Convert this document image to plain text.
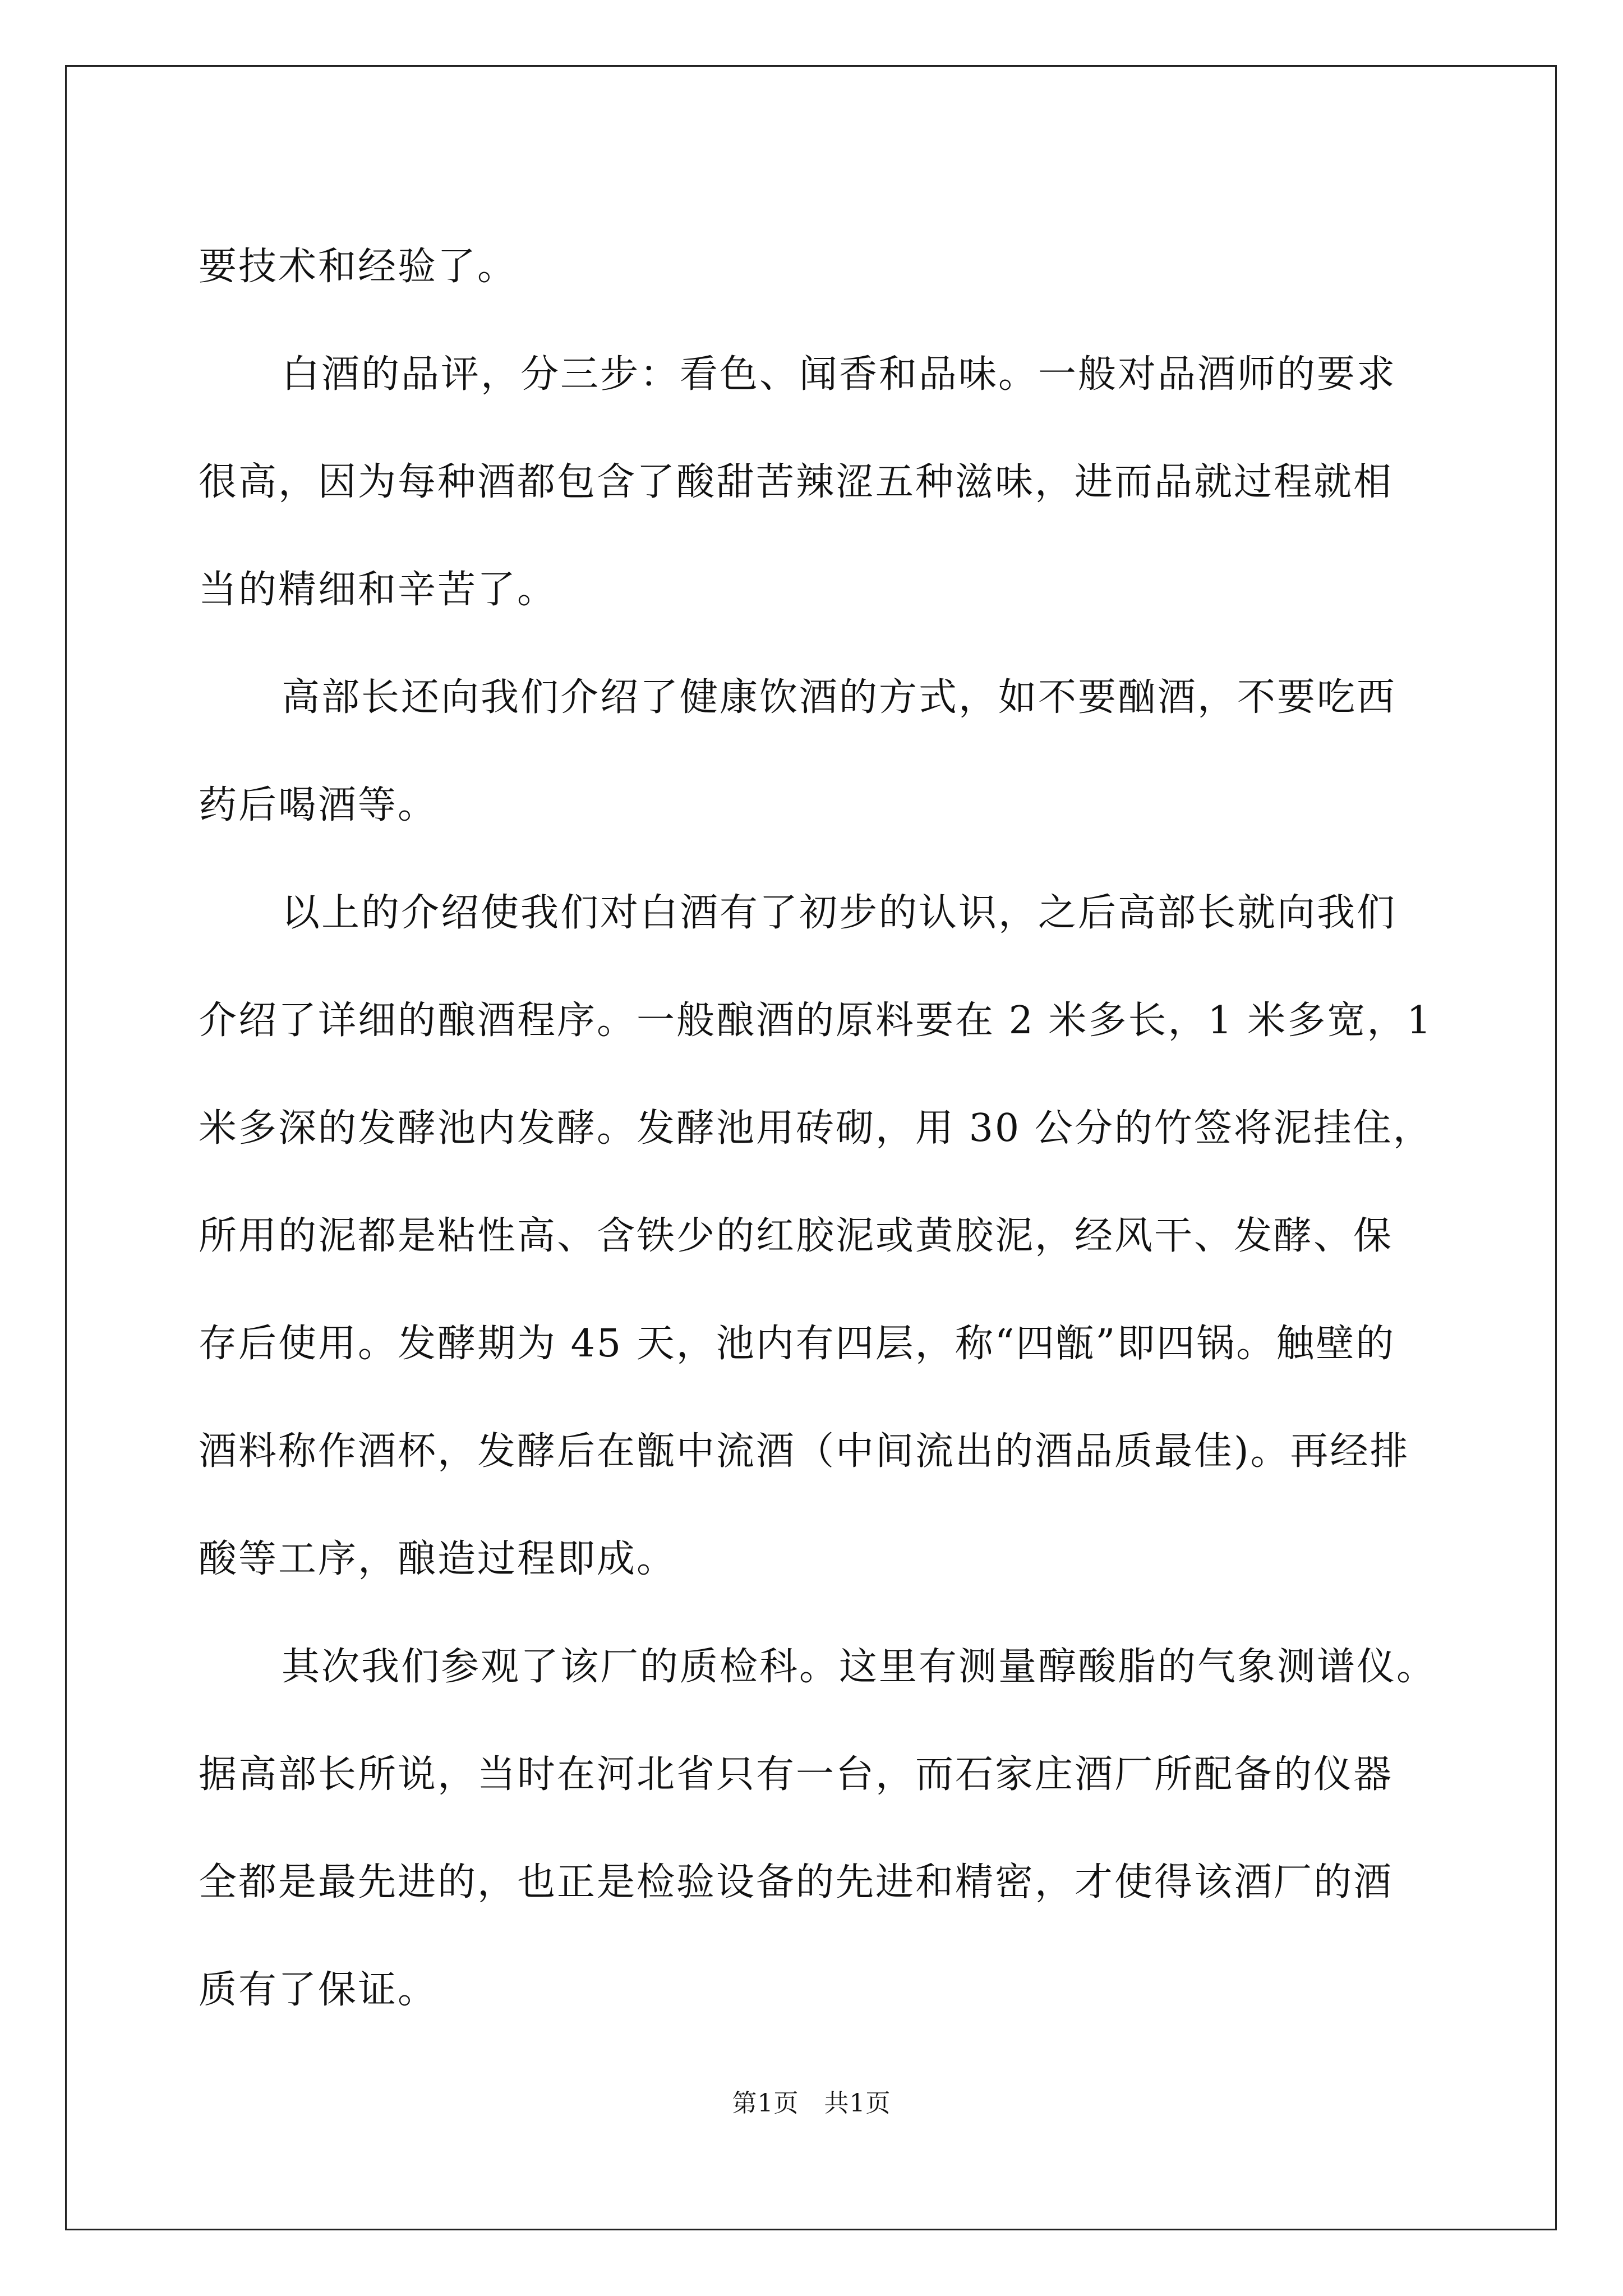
要技术和经验了。

白酒的品评，分三步：看色、闻香和品味。一般对品酒师的要求
很高，因为每种酒都包含了酸甜苦辣涩五种滋味，进而品就过程就相
当的精细和辛苦了。

高部长还向我们介绍了健康饮酒的方式，如不要酗酒，不要吃西
药后喝酒等。

以上的介绍使我们对白酒有了初步的认识，之后高部长就向我们
介绍了详细的酿酒程序。一般酿酒的原料要在 2 米多长，1 米多宽，1
米多深的发酵池内发酵。发酵池用砖砌，用 30 公分的竹签将泥挂住，
所用的泥都是粘性高、含铁少的红胶泥或黄胶泥，经风干、发酵、保
存后使用。发酵期为 45 天，池内有四层，称“四甑”即四锅。触壁的
酒料称作酒杯，发酵后在甑中流酒（中间流出的酒品质最佳)。再经排
酸等工序，酿造过程即成。

其次我们参观了该厂的质检科。这里有测量醇酸脂的气象测谱仪。
据高部长所说，当时在河北省只有一台，而石家庄酒厂所配备的仪器
全都是最先进的，也正是检验设备的先进和精密，才使得该酒厂的酒
质有了保证。

第1页　共1页
